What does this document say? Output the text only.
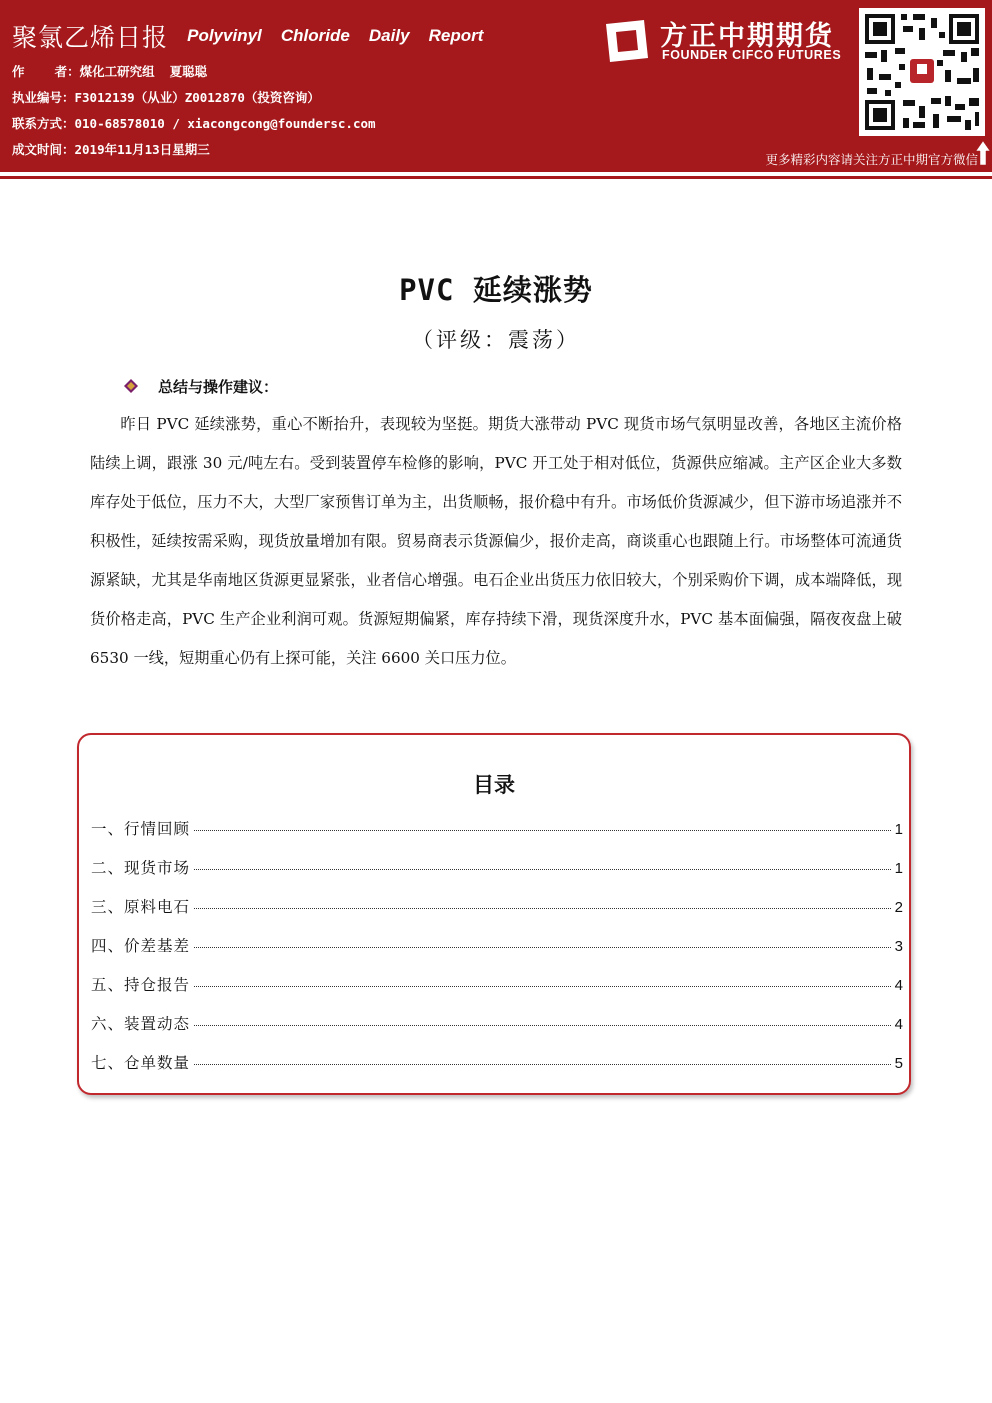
聚氯乙烯日报 Polyvinyl Chloride Daily Report
作    者：煤化工研究组  夏聪聪
执业编号：F3012139（从业）Z0012870（投资咨询）
联系方式：010-68578010 / xiacongcong@foundersc.com
成文时间：2019年11月13日星期三
方正中期期货
FOUNDER CIFCO FUTURES
更多精彩内容请关注方正中期官方微信
PVC 延续涨势
（评级：震荡）
总结与操作建议：
昨日 PVC 延续涨势，重心不断抬升，表现较为坚挺。期货大涨带动 PVC 现货市场气氛明显改善，各地区主流价格陆续上调，跟涨 30 元/吨左右。受到装置停车检修的影响，PVC 开工处于相对低位，货源供应缩减。主产区企业大多数库存处于低位，压力不大，大型厂家预售订单为主，出货顺畅，报价稳中有升。市场低价货源减少，但下游市场追涨并不积极性，延续按需采购，现货放量增加有限。贸易商表示货源偏少，报价走高，商谈重心也跟随上行。市场整体可流通货源紧缺，尤其是华南地区货源更显紧张，业者信心增强。电石企业出货压力依旧较大，个别采购价下调，成本端降低，现货价格走高，PVC 生产企业利润可观。货源短期偏紧，库存持续下滑，现货深度升水，PVC 基本面偏强，隔夜夜盘上破 6530 一线，短期重心仍有上探可能，关注 6600 关口压力位。
目录
一、行情回顾	1
二、现货市场	1
三、原料电石	2
四、价差基差	3
五、持仓报告	4
六、装置动态	4
七、仓单数量	5
